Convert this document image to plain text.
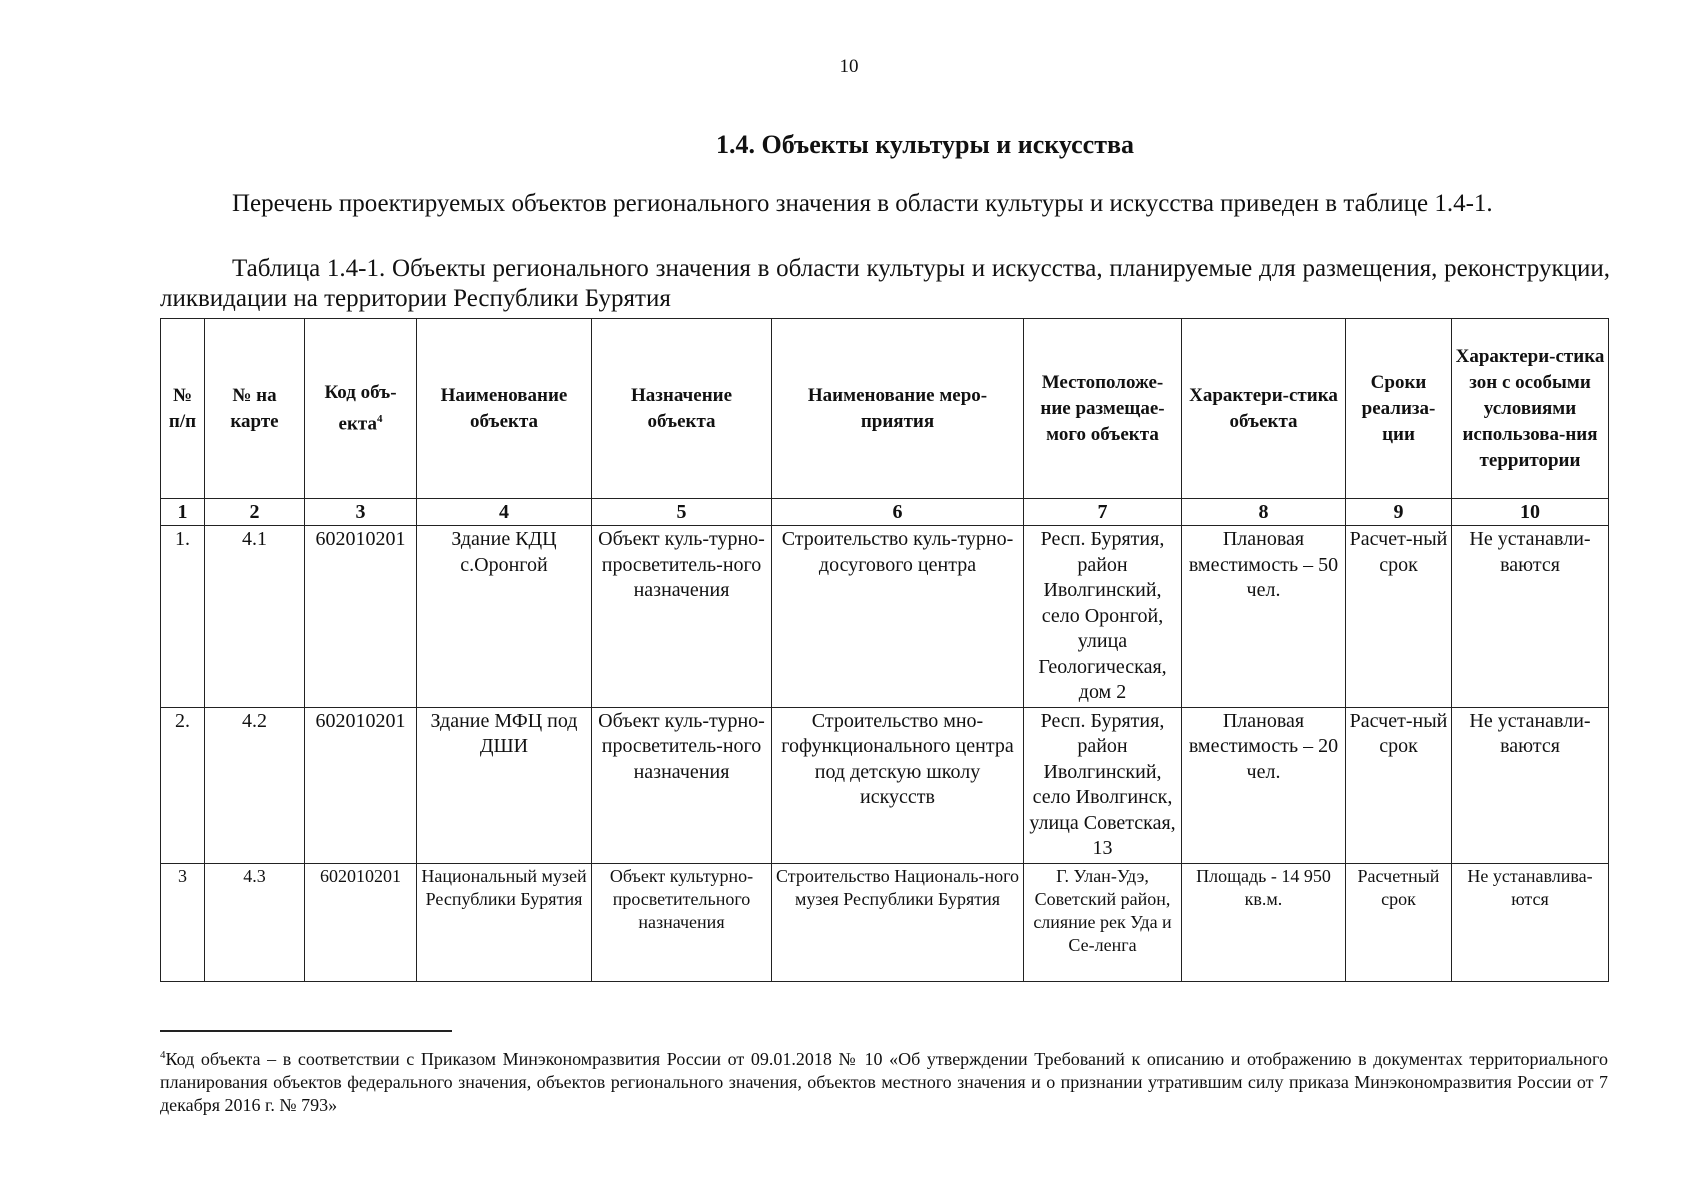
10
1.4. Объекты культуры и искусства

Перечень проектируемых объектов регионального значения в области культуры и искусства приведен в таблице 1.4-1.

Таблица 1.4-1. Объекты регионального значения в области культуры и искусства, планируемые для размещения, реконструкции, ликвидации на территории Республики Бурятия

№ п/п	№ на карте	Код объ-екта$^4$	Наименование объекта	Назначение объекта	Наименование меро-приятия	Местоположе-ние размещае-мого объекта	Характери-стика объекта	Сроки реализа-ции	Характери-стика зон с особыми условиями использова-ния территории
1	2	3	4	5	6	7	8	9	10
1.	4.1	602010201	Здание КДЦ с.Оронгой	Объект куль-турно-просветитель-ного назначения	Строительство куль-турно-досугового центра	Респ. Бурятия, район Иволгинский, село Оронгой, улица Геологическая, дом 2	Плановая вместимость – 50 чел.	Расчет-ный срок	Не устанавли-ваются
2.	4.2	602010201	Здание МФЦ под ДШИ	Объект куль-турно-просветитель-ного назначения	Строительство мно-гофункционального центра под детскую школу искусств	Респ. Бурятия, район Иволгинский, село Иволгинск, улица Советская, 13	Плановая вместимость – 20 чел.	Расчет-ный срок	Не устанавли-ваются
3	4.3	602010201	Национальный музей Республики Бурятия	Объект культурно-просветительного назначения	Строительство Националь-ного музея Республики Бурятия	Г. Улан-Удэ, Советский район, слияние рек Уда и Се-ленга	Площадь - 14 950 кв.м.	Расчетный срок	Не устанавлива-ются

$^4$Код объекта – в соответствии с Приказом Минэкономразвития России от 09.01.2018 № 10 «Об утверждении Требований к описанию и отображению в документах территориального планирования объектов федерального значения, объектов регионального значения, объектов местного значения и о признании утратившим силу приказа Минэкономразвития России от 7 декабря 2016 г. № 793»
